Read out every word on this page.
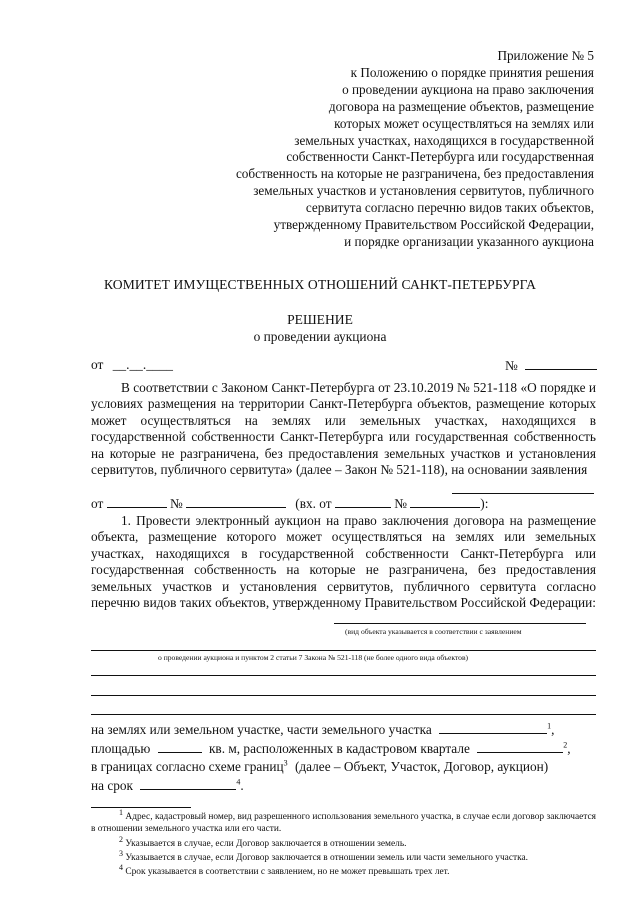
Приложение № 5
к Положению о порядке принятия решения
о проведении аукциона на право заключения
договора на размещение объектов, размещение
которых может осуществляться на землях или
земельных участках, находящихся в государственной
собственности Санкт-Петербурга или государственная
собственность на которые не разграничена, без предоставления
земельных участков и установления сервитутов, публичного
сервитута согласно перечню видов таких объектов,
утвержденному Правительством Российской Федерации,
и порядке организации указанного аукциона
КОМИТЕТ ИМУЩЕСТВЕННЫХ ОТНОШЕНИЙ САНКТ-ПЕТЕРБУРГА
РЕШЕНИЕ
о проведении аукциона
от __.__.____	№

В соответствии с Законом Санкт-Петербурга от 23.10.2019 № 521-118 «О порядке и условиях размещения на территории Санкт-Петербурга объектов, размещение которых может осуществляться на землях или земельных участках, находящихся в государственной собственности Санкт-Петербурга или государственная собственность на которые не разграничена, без предоставления земельных участков и установления сервитутов, публичного сервитута» (далее – Закон № 521-118), на основании заявления

от	№	(вх. от	№	):

1. Провести электронный аукцион на право заключения договора на размещение объекта, размещение которого может осуществляться на землях или земельных участках, находящихся в государственной собственности Санкт-Петербурга или государственная собственность на которые не разграничена, без предоставления земельных участков и установления сервитутов, публичного сервитута согласно перечню видов таких объектов, утвержденному Правительством Российской Федерации:

(вид объекта указывается в соответствии с заявлением
о проведении аукциона и пунктом 2 статьи 7 Закона № 521-118 (не более одного вида объектов)
на землях или земельном участке, части земельного участка	$^1$,
площадью	кв. м, расположенных в кадастровом квартале	$^2$,
в границах согласно схеме границ$^3$ (далее – Объект, Участок, Договор, аукцион)
на срок	$^4$.

$^1$ Адрес, кадастровый номер, вид разрешенного использования земельного участка, в случае если договор заключается в отношении земельного участка или его части.

$^2$ Указывается в случае, если Договор заключается в отношении земель.

$^3$ Указывается в случае, если Договор заключается в отношении земель или части земельного участка.

$^4$ Срок указывается в соответствии с заявлением, но не может превышать трех лет.
